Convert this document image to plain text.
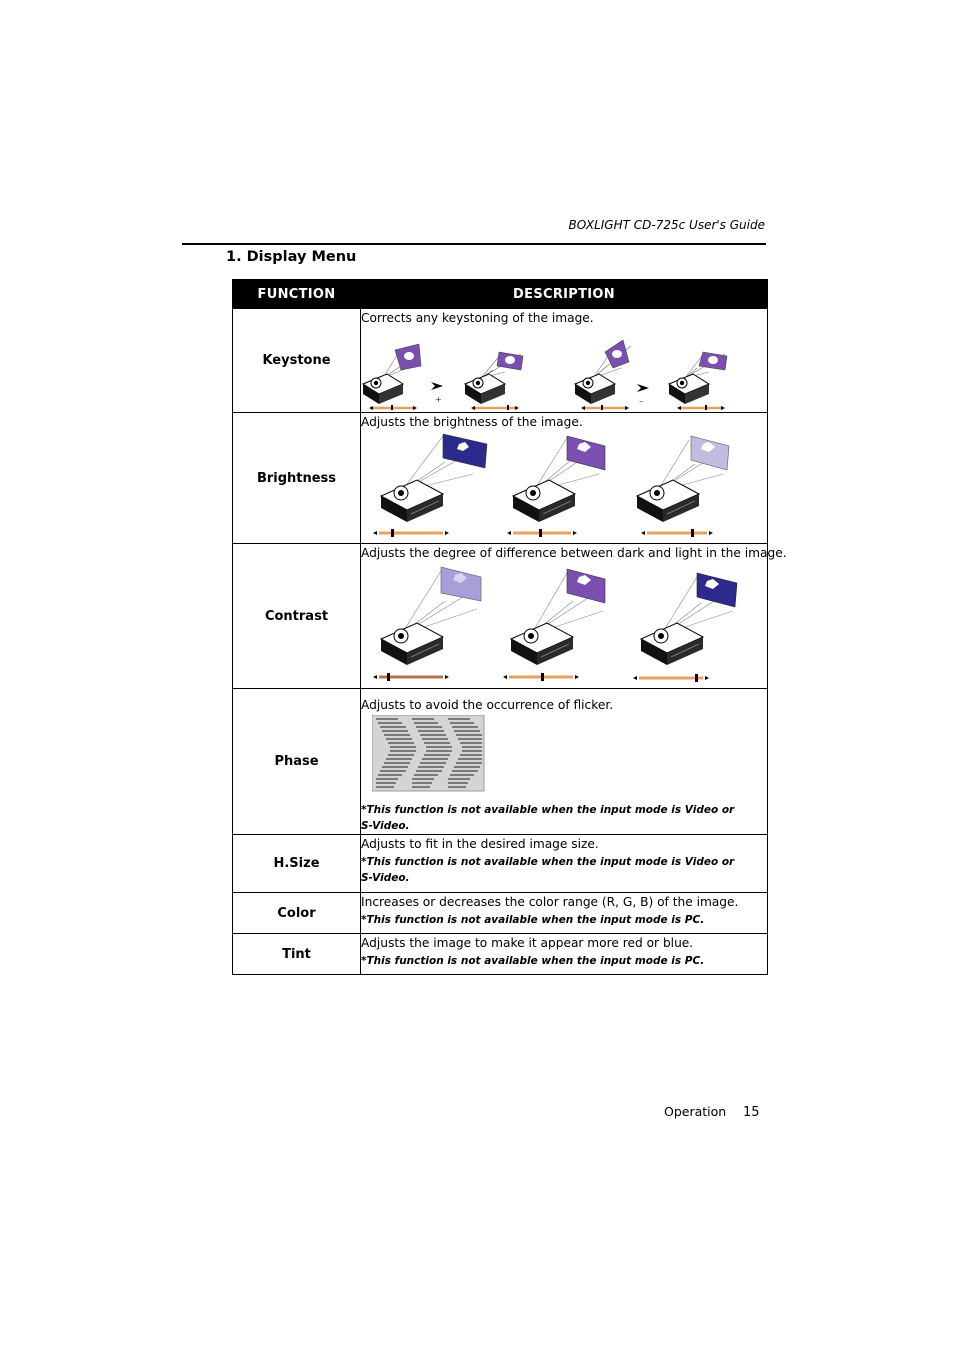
BOXLIGHT CD-725c User's Guide
1. Display Menu
FUNCTION	DESCRIPTION
Keystone	Corrects any keystoning of the image.
+ –

Brightness	Adjusts the brightness of the image.

Contrast	Adjusts the degree of difference between dark and light in the image.

Phase	Adjusts to avoid the occurrence of flicker.
*This function is not available when the input mode is Video or S-Video.

H.Size	Adjusts to fit in the desired image size.
*This function is not available when the input mode is Video or S-Video.

Color	Increases or decreases the color range (R, G, B) of the image.
*This function is not available when the input mode is PC.

Tint	Adjusts the image to make it appear more red or blue.
*This function is not available when the input mode is PC.
Operation 15
